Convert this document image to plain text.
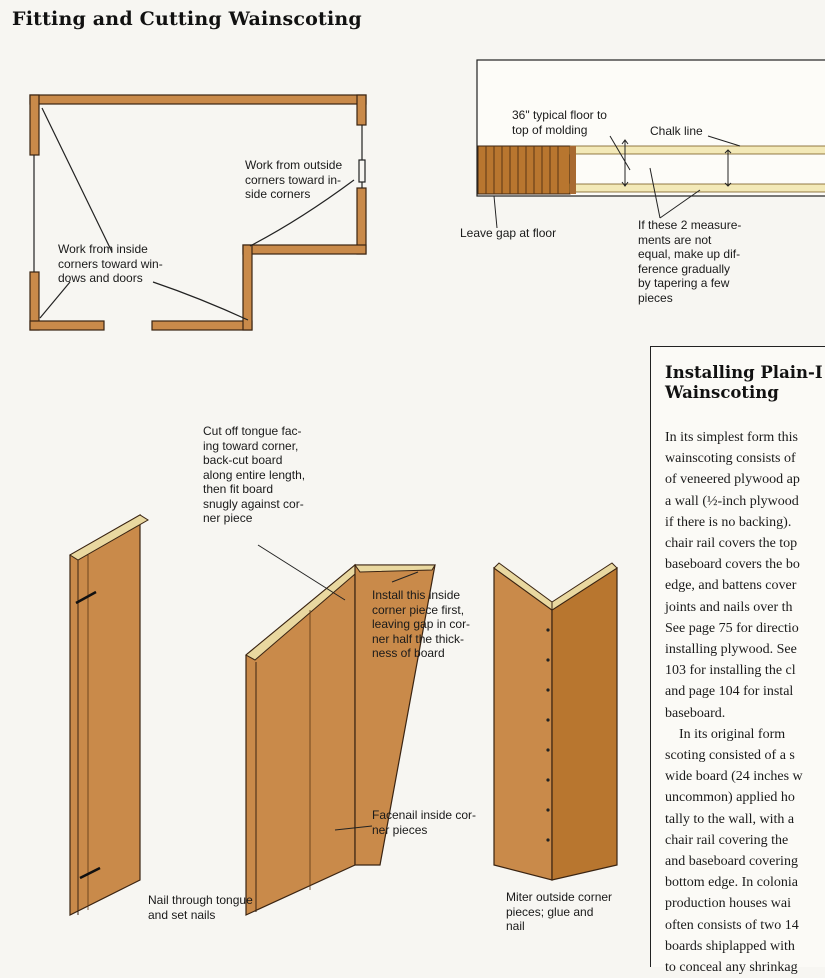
Fitting and Cutting Wainscoting
Work from outside
corners toward in-
side corners
Work from inside
corners toward win-
dows and doors
36" typical floor to
top of molding	Chalk line
Leave gap at floor
If these 2 measure-
ments are not
equal, make up dif-
ference gradually
by tapering a few
pieces
Cut off tongue fac-
ing toward corner,
back-cut board
along entire length,
then fit board
snugly against cor-
ner piece
Install this inside
corner piece first,
leaving gap in cor-
ner half the thick-
ness of board
Facenail inside cor-
ner pieces
Nail through tongue
and set nails
Miter outside corner
pieces; glue and
nail
Installing Plain-I
Wainscoting
In its simplest form this
wainscoting consists of
of veneered plywood ap
a wall (½-inch plywood
if there is no backing).
chair rail covers the top
baseboard covers the bo
edge, and battens cover
joints and nails over th
See page 75 for directio
installing plywood. See
103 for installing the cl
and page 104 for instal
baseboard.
In its original form
scoting consisted of a s
wide board (24 inches w
uncommon) applied ho
tally to the wall, with a
chair rail covering the
and baseboard covering
bottom edge. In colonia
production houses wai
often consists of two 14
boards shiplapped with
to conceal any shrinkag
